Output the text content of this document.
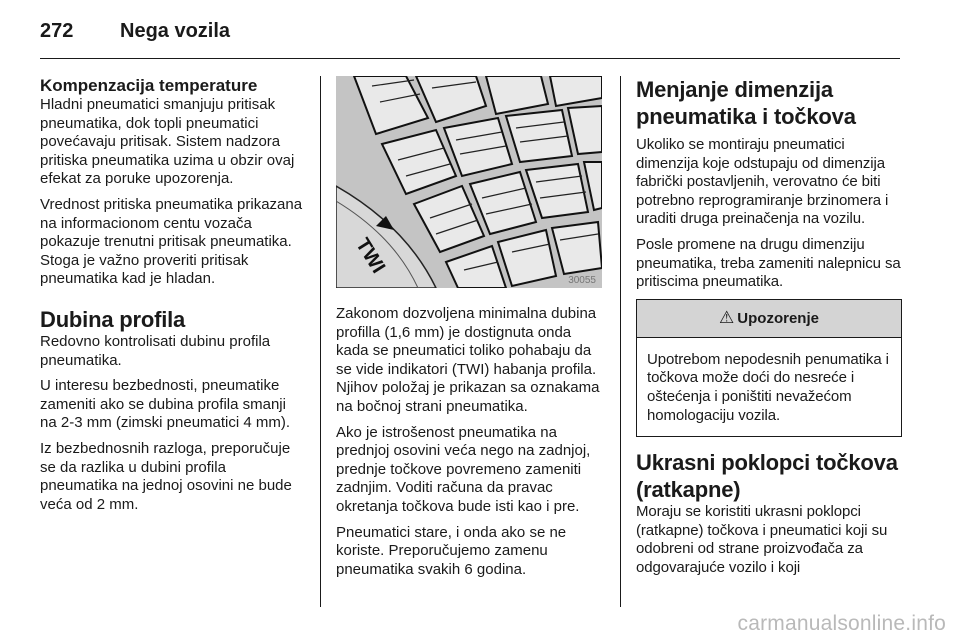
272	Nega vozila
Kompenzacija temperature

Hladni pneumatici smanjuju pritisak pneumatika, dok topli pneumatici povećavaju pritisak. Sistem nadzora pritiska pneumatika uzima u obzir ovaj efekat za poruke upozorenja.

Vrednost pritiska pneumatika prikazana na informacionom centu vozača pokazuje trenutni pritisak pneumatika. Stoga je važno proveriti pritisak pneumatika kad je hladan.

Dubina profila

Redovno kontrolisati dubinu profila pneumatika.

U interesu bezbednosti, pneumatike zameniti ako se dubina profila smanji na 2-3 mm (zimski pneumatici 4 mm).

Iz bezbednosnih razloga, preporučuje se da razlika u dubini profila pneumatika na jednoj osovini ne bude veća od 2 mm.

TWI
30055

Zakonom dozvoljena minimalna dubina profilla (1,6 mm) je dostignuta onda kada se pneumatici toliko pohabaju da se vide indikatori (TWI) habanja profila. Njihov položaj je prikazan sa oznakama na bočnoj strani pneumatika.

Ako je istrošenost pneumatika na prednjoj osovini veća nego na zadnjoj, prednje točkove povremeno zameniti zadnjim. Voditi računa da pravac okretanja točkova bude isti kao i pre.

Pneumatici stare, i onda ako se ne koriste. Preporučujemo zamenu pneumatika svakih 6 godina.

Menjanje dimenzija pneumatika i točkova

Ukoliko se montiraju pneumatici dimenzija koje odstupaju od dimenzija fabrički postavljenih, verovatno će biti potrebno reprogramiranje brzinomera i uraditi druga preinačenja na vozilu.

Posle promene na drugu dimenziju pneumatika, treba zameniti nalepnicu sa pritiscima pneumatika.

⚠ Upozorenje

Upotrebom nepodesnih penumatika i točkova može doći do nesreće i oštećenja i poništiti nevažećom homologaciju vozila.

Ukrasni poklopci točkova (ratkapne)

Moraju se koristiti ukrasni poklopci (ratkapne) točkova i pneumatici koji su odobreni od strane proizvođača za odgovarajuće vozilo i koji

carmanualsonline.info
